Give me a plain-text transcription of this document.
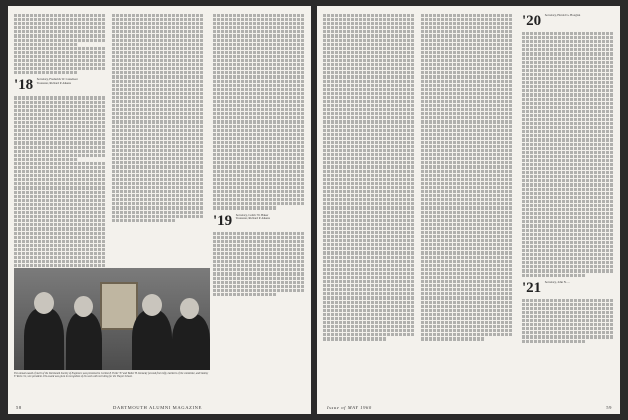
'18 Secretary, Frederick W. Cassebeer
Treasurer, Richard P. Aikens
'19 Secretary, Cedric W. Baker
Treasurer, Richard P. Aikens
The annual award of merit of the Dartmouth Society of Engineers was presented to Carlton P. Fuller '07 and Walter H. Kennedy (second from left), members of the committee, and Stanley F. Weiss '22, vice president. The award was given in recognition of his work with recruiting for the Thayer School.
58	DARTMOUTH ALUMNI MAGAZINE
'20 Secretary, Harold G. Hoaglan
'21 Secretary, John N. ...
Issue of MAY 1960	59
